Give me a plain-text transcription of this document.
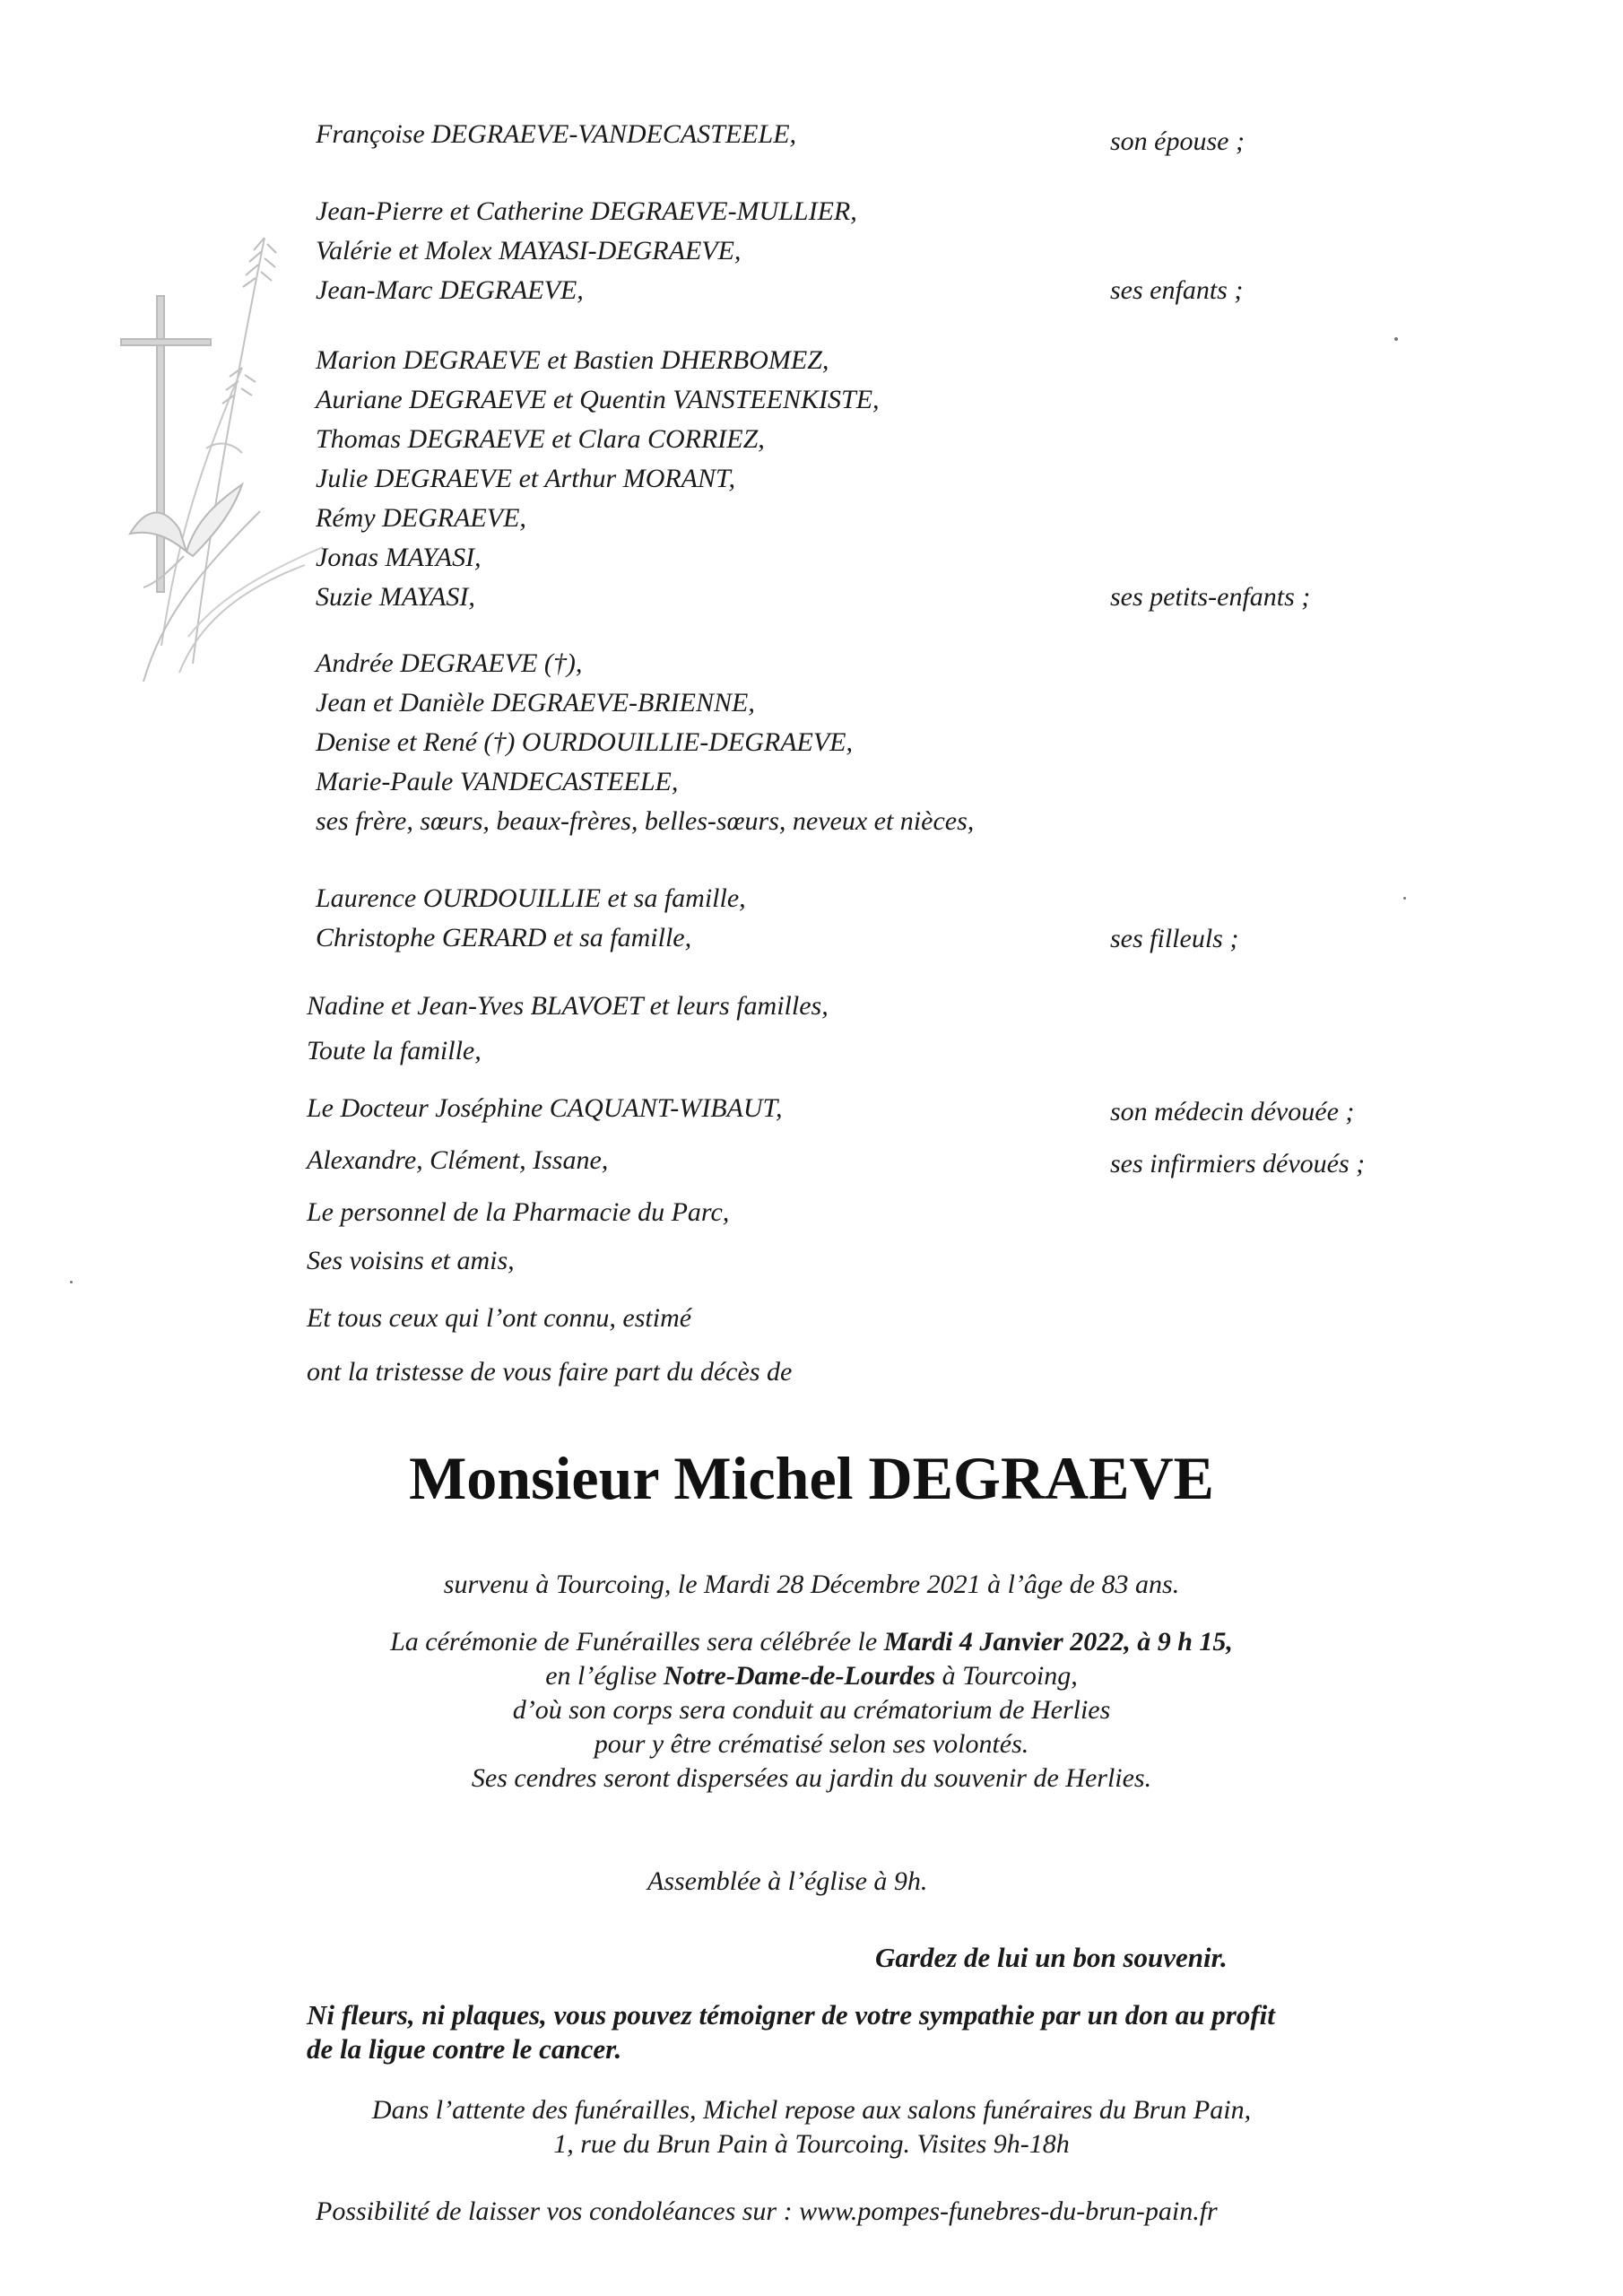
Françoise DEGRAEVE-VANDECASTEELE,	son épouse ;
Jean-Pierre et Catherine DEGRAEVE-MULLIER,
Valérie et Molex MAYASI-DEGRAEVE,
Jean-Marc DEGRAEVE,	ses enfants ;
Marion DEGRAEVE et Bastien DHERBOMEZ,
Auriane DEGRAEVE et Quentin VANSTEENKISTE,
Thomas DEGRAEVE et Clara CORRIEZ,
Julie DEGRAEVE et Arthur MORANT,
Rémy DEGRAEVE,
Jonas MAYASI,
Suzie MAYASI,	ses petits-enfants ;
Andrée DEGRAEVE (†),
Jean et Danièle DEGRAEVE-BRIENNE,
Denise et René (†) OURDOUILLIE-DEGRAEVE,
Marie-Paule VANDECASTEELE,
ses frère, sœurs, beaux-frères, belles-sœurs, neveux et nièces,
Laurence OURDOUILLIE et sa famille,
Christophe GERARD et sa famille,	ses filleuls ;
Nadine et Jean-Yves BLAVOET et leurs familles,
Toute la famille,
Le Docteur Joséphine CAQUANT-WIBAUT,	son médecin dévouée ;
Alexandre, Clément, Issane,	ses infirmiers dévoués ;
Le personnel de la Pharmacie du Parc,
Ses voisins et amis,
Et tous ceux qui l’ont connu, estimé
ont la tristesse de vous faire part du décès de
Monsieur Michel DEGRAEVE
survenu à Tourcoing, le Mardi 28 Décembre 2021 à l’âge de 83 ans.
La cérémonie de Funérailles sera célébrée le Mardi 4 Janvier 2022, à 9 h 15,
en l’église Notre-Dame-de-Lourdes à Tourcoing,
d’où son corps sera conduit au crématorium de Herlies
pour y être crématisé selon ses volontés.
Ses cendres seront dispersées au jardin du souvenir de Herlies.
Assemblée à l’église à 9h.
Gardez de lui un bon souvenir.
Ni fleurs, ni plaques, vous pouvez témoigner de votre sympathie par un don au profit
de la ligue contre le cancer.
Dans l’attente des funérailles, Michel repose aux salons funéraires du Brun Pain,
1, rue du Brun Pain à Tourcoing. Visites 9h-18h
Possibilité de laisser vos condoléances sur : www.pompes-funebres-du-brun-pain.fr
